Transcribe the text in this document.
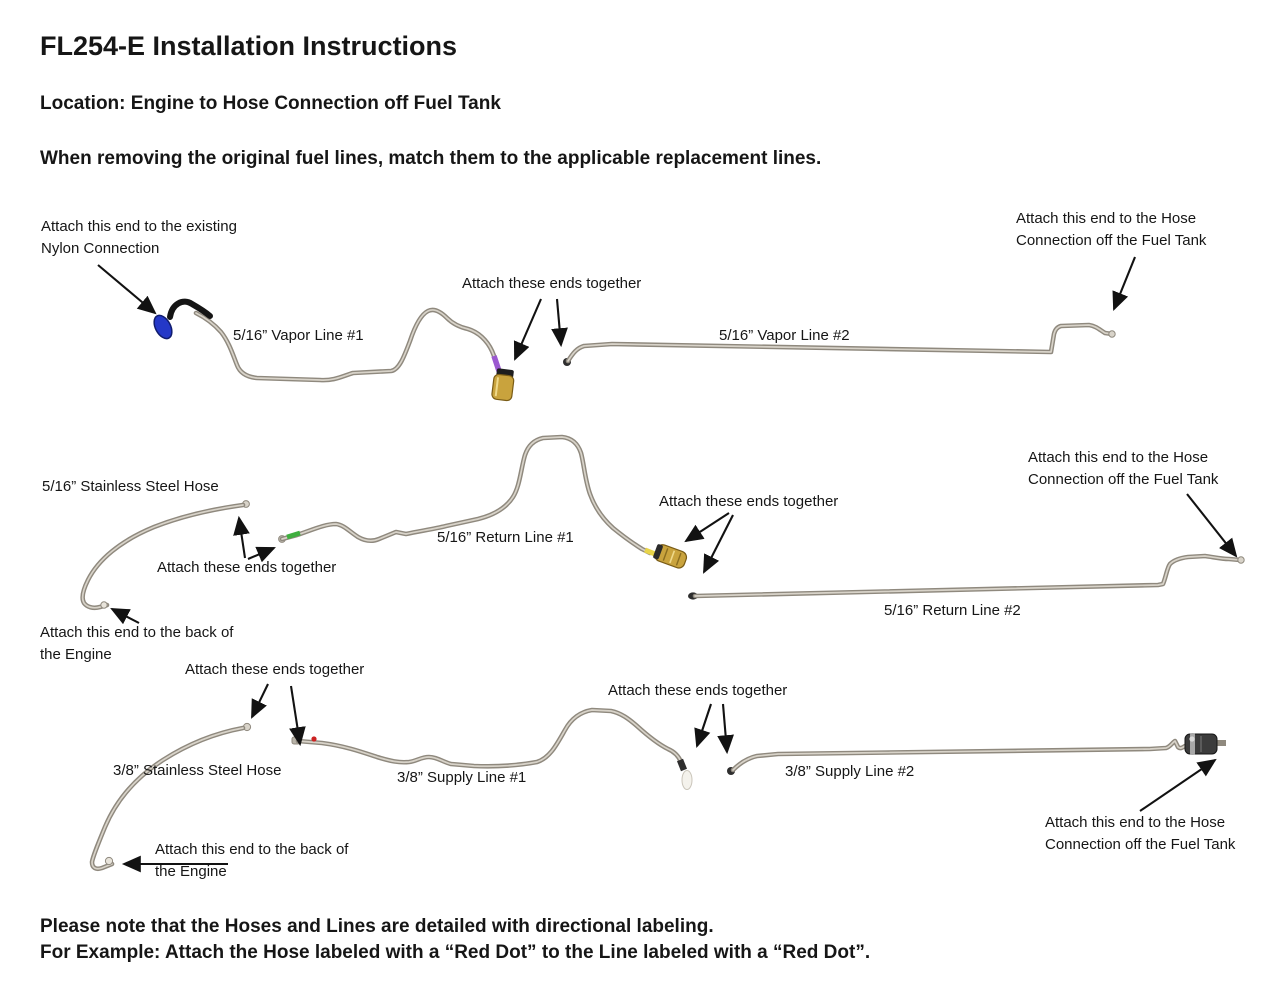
FL254-E Installation Instructions
Location: Engine to Hose Connection off Fuel Tank
When removing the original fuel lines, match them to the applicable replacement lines.
Attach this end to the existing
Nylon Connection
5/16” Vapor Line #1
Attach these ends together
5/16” Vapor Line #2
Attach this end to the Hose
Connection off the Fuel Tank
5/16” Stainless Steel Hose
Attach these ends together
5/16” Return Line #1
Attach this end to the back of
the Engine
Attach these ends together
5/16” Return Line #2
Attach this end to the Hose
Connection off the Fuel Tank
Attach these ends together
3/8” Stainless Steel Hose	3/8” Supply Line #1
Attach this end to the back of
the Engine
Attach these ends together
3/8” Supply Line #2
Attach this end to the Hose
Connection off the Fuel Tank
Please note that the Hoses and Lines are detailed with directional labeling.
For Example: Attach the Hose labeled with a “Red Dot” to the Line labeled with a “Red Dot”.
